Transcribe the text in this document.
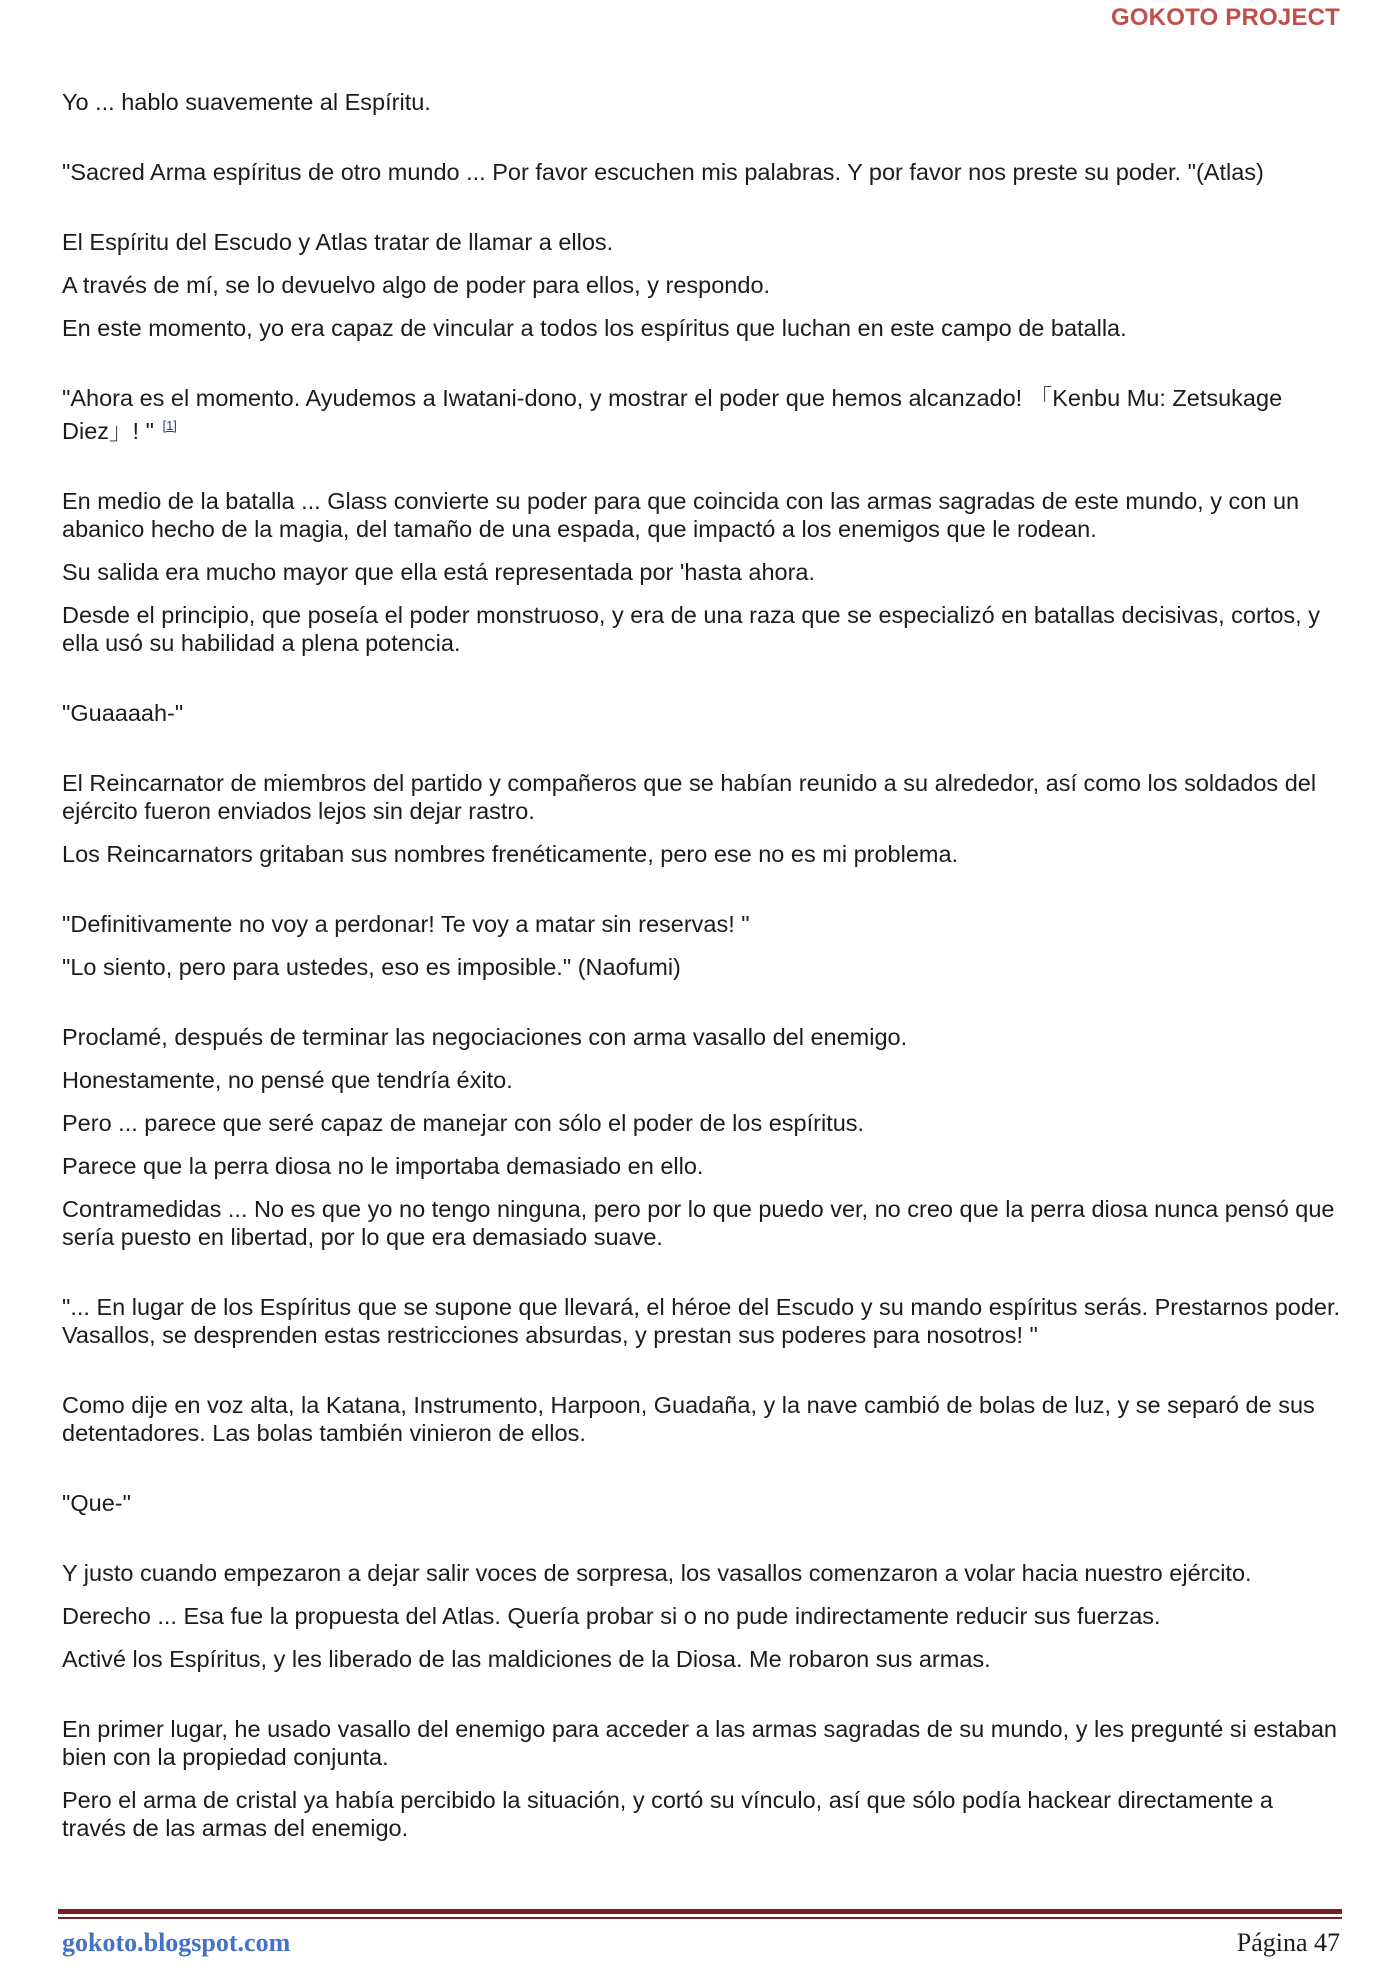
GOKOTO PROJECT

Yo ... hablo suavemente al Espíritu.

"Sacred Arma espíritus de otro mundo ... Por favor escuchen mis palabras. Y por favor nos preste su poder. "(Atlas)

El Espíritu del Escudo y Atlas tratar de llamar a ellos.

A través de mí, se lo devuelvo algo de poder para ellos, y respondo.

En este momento, yo era capaz de vincular a todos los espíritus que luchan en este campo de batalla.

"Ahora es el momento. Ayudemos a Iwatani-dono, y mostrar el poder que hemos alcanzado! 「Kenbu Mu: Zetsukage Diez」! " [1]

En medio de la batalla ... Glass convierte su poder para que coincida con las armas sagradas de este mundo, y con un abanico hecho de la magia, del tamaño de una espada, que impactó a los enemigos que le rodean.

Su salida era mucho mayor que ella está representada por 'hasta ahora.

Desde el principio, que poseía el poder monstruoso, y era de una raza que se especializó en batallas decisivas, cortos, y ella usó su habilidad a plena potencia.

"Guaaaah-"

El Reincarnator de miembros del partido y compañeros que se habían reunido a su alrededor, así como los soldados del ejército fueron enviados lejos sin dejar rastro.

Los Reincarnators gritaban sus nombres frenéticamente, pero ese no es mi problema.

"Definitivamente no voy a perdonar! Te voy a matar sin reservas! "

"Lo siento, pero para ustedes, eso es imposible." (Naofumi)

Proclamé, después de terminar las negociaciones con arma vasallo del enemigo.

Honestamente, no pensé que tendría éxito.

Pero ... parece que seré capaz de manejar con sólo el poder de los espíritus.

Parece que la perra diosa no le importaba demasiado en ello.

Contramedidas ... No es que yo no tengo ninguna, pero por lo que puedo ver, no creo que la perra diosa nunca pensó que sería puesto en libertad, por lo que era demasiado suave.

"... En lugar de los Espíritus que se supone que llevará, el héroe del Escudo y su mando espíritus serás. Prestarnos poder. Vasallos, se desprenden estas restricciones absurdas, y prestan sus poderes para nosotros! "

Como dije en voz alta, la Katana, Instrumento, Harpoon, Guadaña, y la nave cambió de bolas de luz, y se separó de sus detentadores. Las bolas también vinieron de ellos.

"Que-"

Y justo cuando empezaron a dejar salir voces de sorpresa, los vasallos comenzaron a volar hacia nuestro ejército.

Derecho ... Esa fue la propuesta del Atlas. Quería probar si o no pude indirectamente reducir sus fuerzas.

Activé los Espíritus, y les liberado de las maldiciones de la Diosa. Me robaron sus armas.

En primer lugar, he usado vasallo del enemigo para acceder a las armas sagradas de su mundo, y les pregunté si estaban bien con la propiedad conjunta.

Pero el arma de cristal ya había percibido la situación, y cortó su vínculo, así que sólo podía hackear directamente a través de las armas del enemigo.

gokoto.blogspot.com	Página 47
